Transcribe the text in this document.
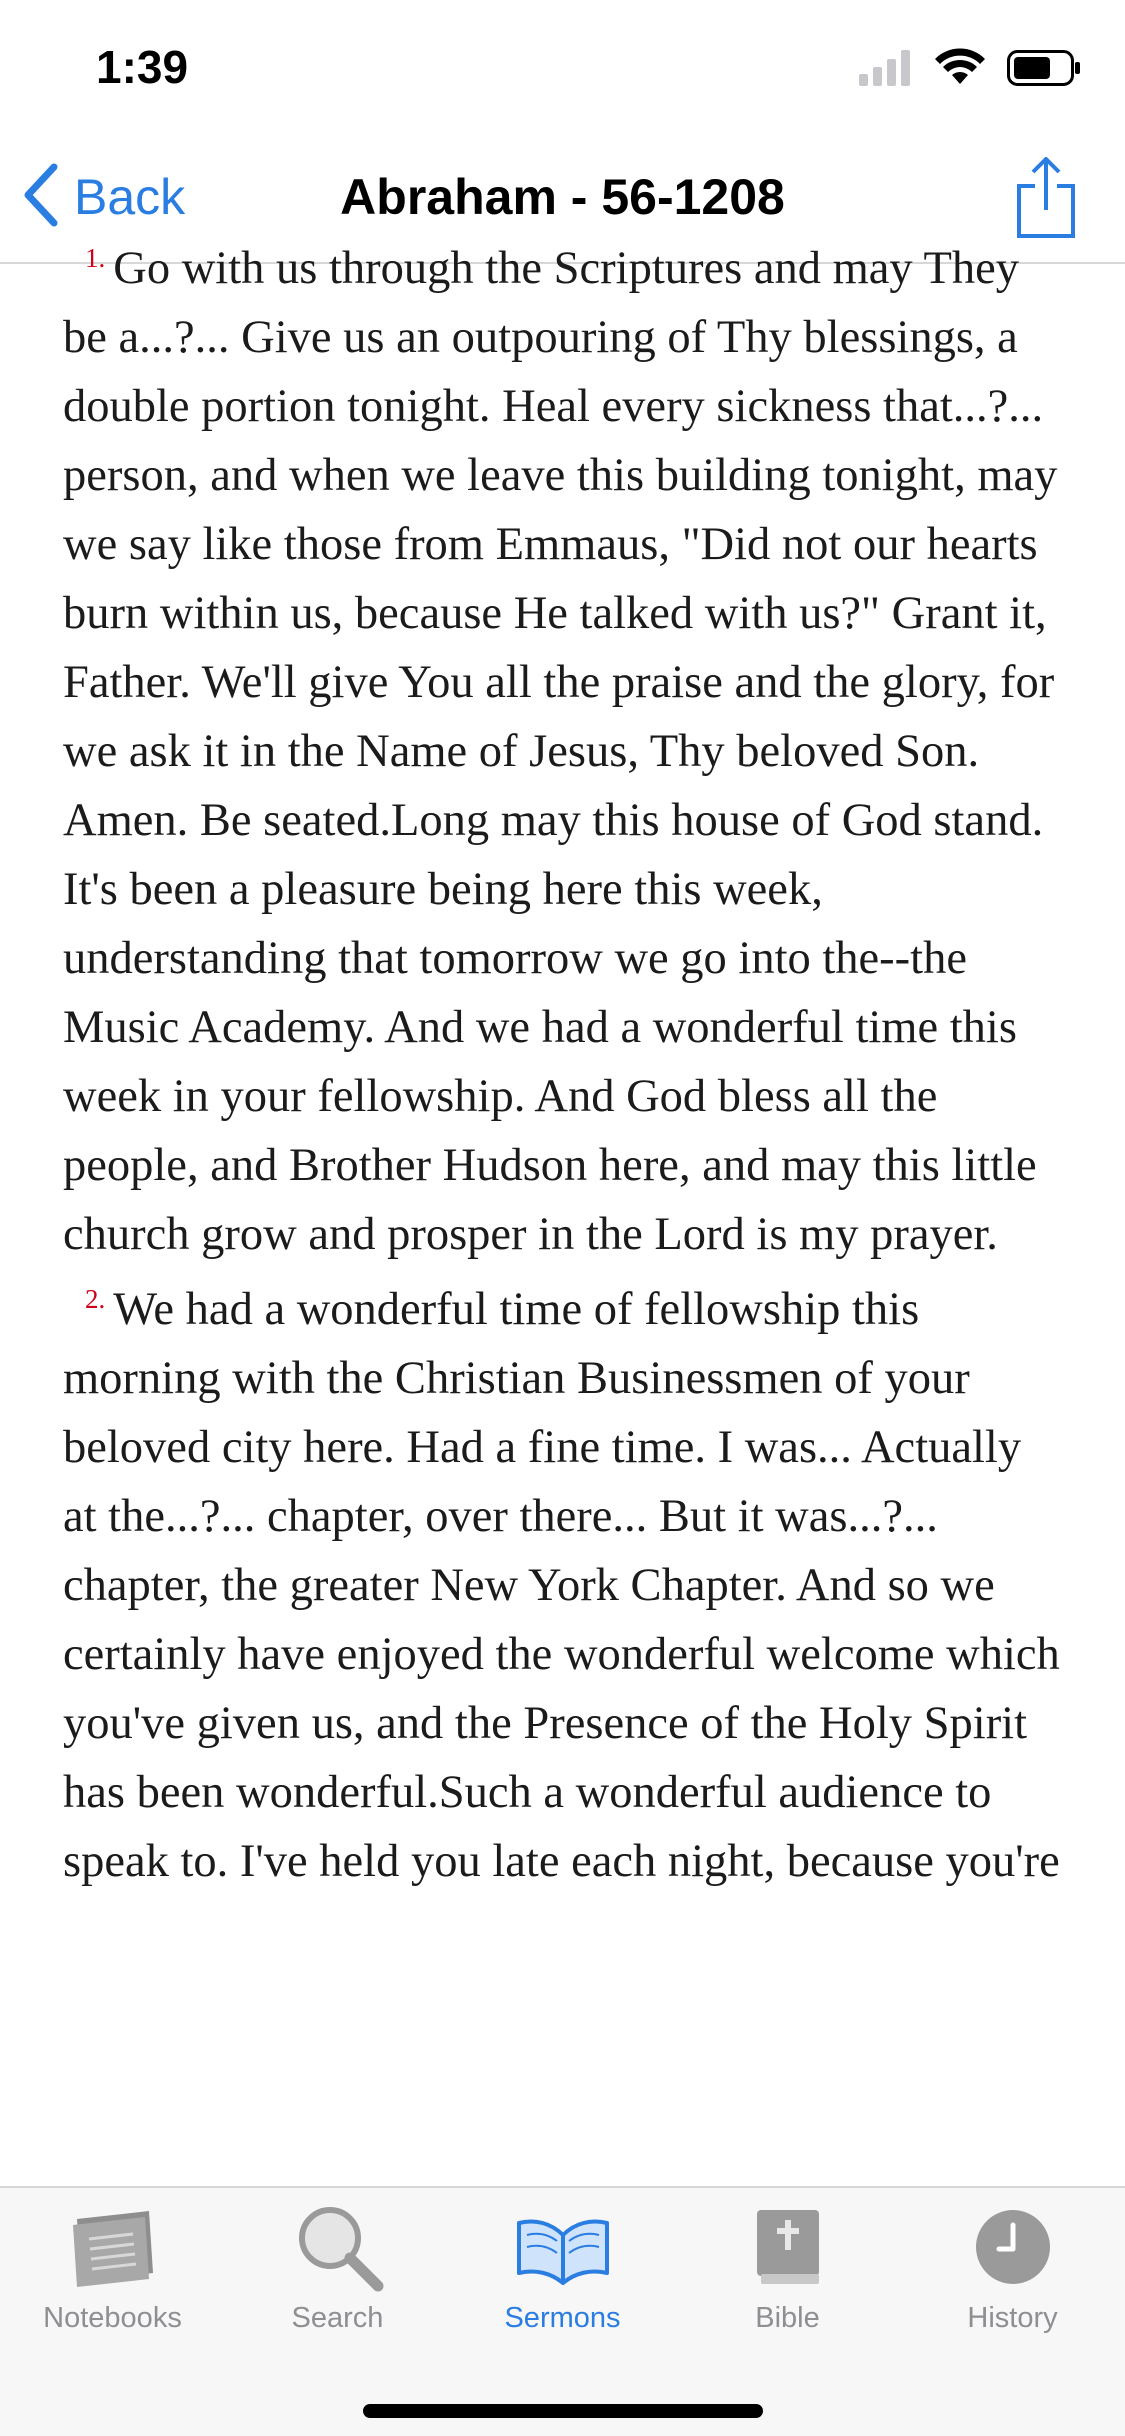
1:39
Back	Abraham - 56-1208

$^{1.}$ Go with us through the Scriptures and may They be a...?... Give us an outpouring of Thy blessings, a double portion tonight. Heal every sickness that...?... person, and when we leave this building tonight, may we say like those from Emmaus, "Did not our hearts burn within us, because He talked with us?" Grant it, Father. We'll give You all the praise and the glory, for we ask it in the Name of Jesus, Thy beloved Son. Amen. Be seated.Long may this house of God stand. It's been a pleasure being here this week, understanding that tomorrow we go into the--the Music Academy. And we had a wonderful time this week in your fellowship. And God bless all the people, and Brother Hudson here, and may this little church grow and prosper in the Lord is my prayer.

$^{2.}$ We had a wonderful time of fellowship this morning with the Christian Businessmen of your beloved city here. Had a fine time. I was... Actually at the...?... chapter, over there... But it was...?... chapter, the greater New York Chapter. And so we certainly have enjoyed the wonderful welcome which you've given us, and the Presence of the Holy Spirit has been wonderful.Such a wonderful audience to speak to. I've held you late each night, because you're

Notebooks	Search	Sermons	Bible	History
